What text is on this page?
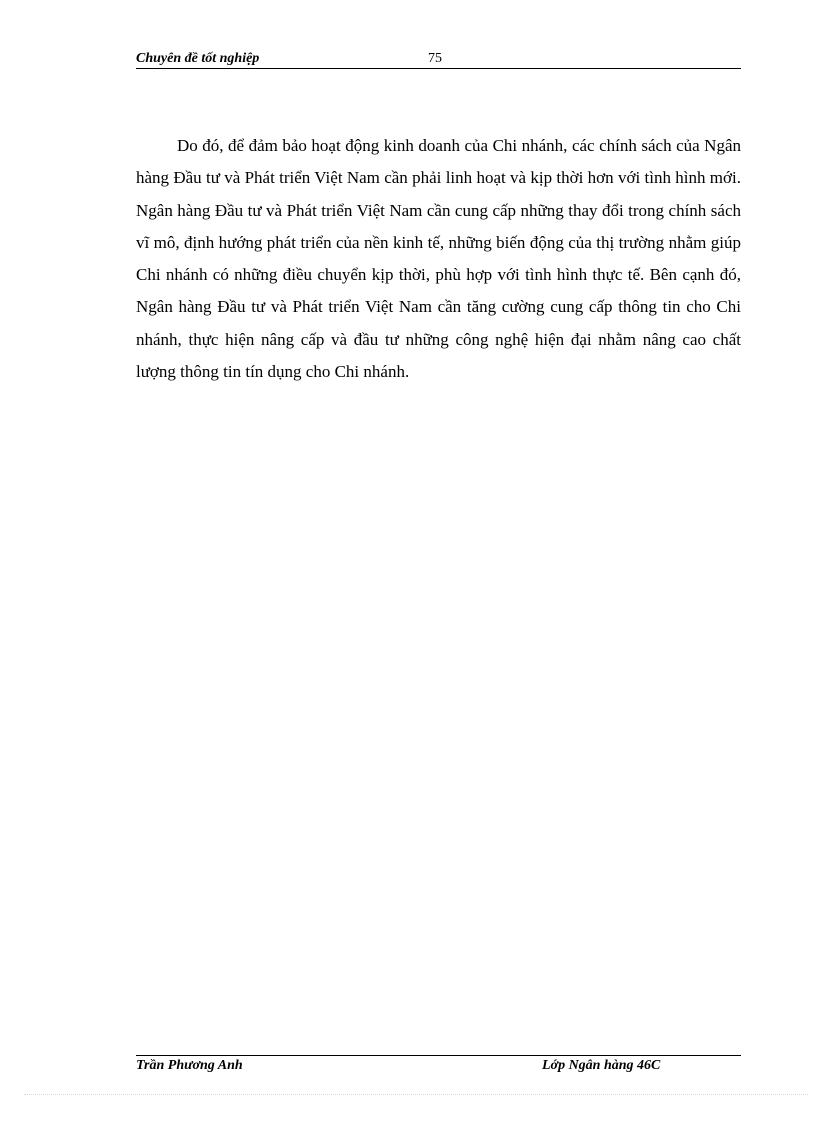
Chuyên đề tốt nghiệp	75

Do đó, để đảm bảo hoạt động kinh doanh của Chi nhánh, các chính sách của Ngân hàng Đầu tư và Phát triển Việt Nam cần phải linh hoạt và kịp thời hơn với tình hình mới. Ngân hàng Đầu tư và Phát triển Việt Nam cần cung cấp những thay đổi trong chính sách vĩ mô, định hướng phát triển của nền kinh tế, những biến động của thị trường nhằm giúp Chi nhánh có những điều chuyển kịp thời, phù hợp với tình hình thực tế. Bên cạnh đó, Ngân hàng Đầu tư và Phát triển Việt Nam cần tăng cường cung cấp thông tin cho Chi nhánh, thực hiện nâng cấp và đầu tư những công nghệ hiện đại nhằm nâng cao chất lượng thông tin tín dụng cho Chi nhánh.

Trần Phương Anh	Lớp Ngân hàng 46C
